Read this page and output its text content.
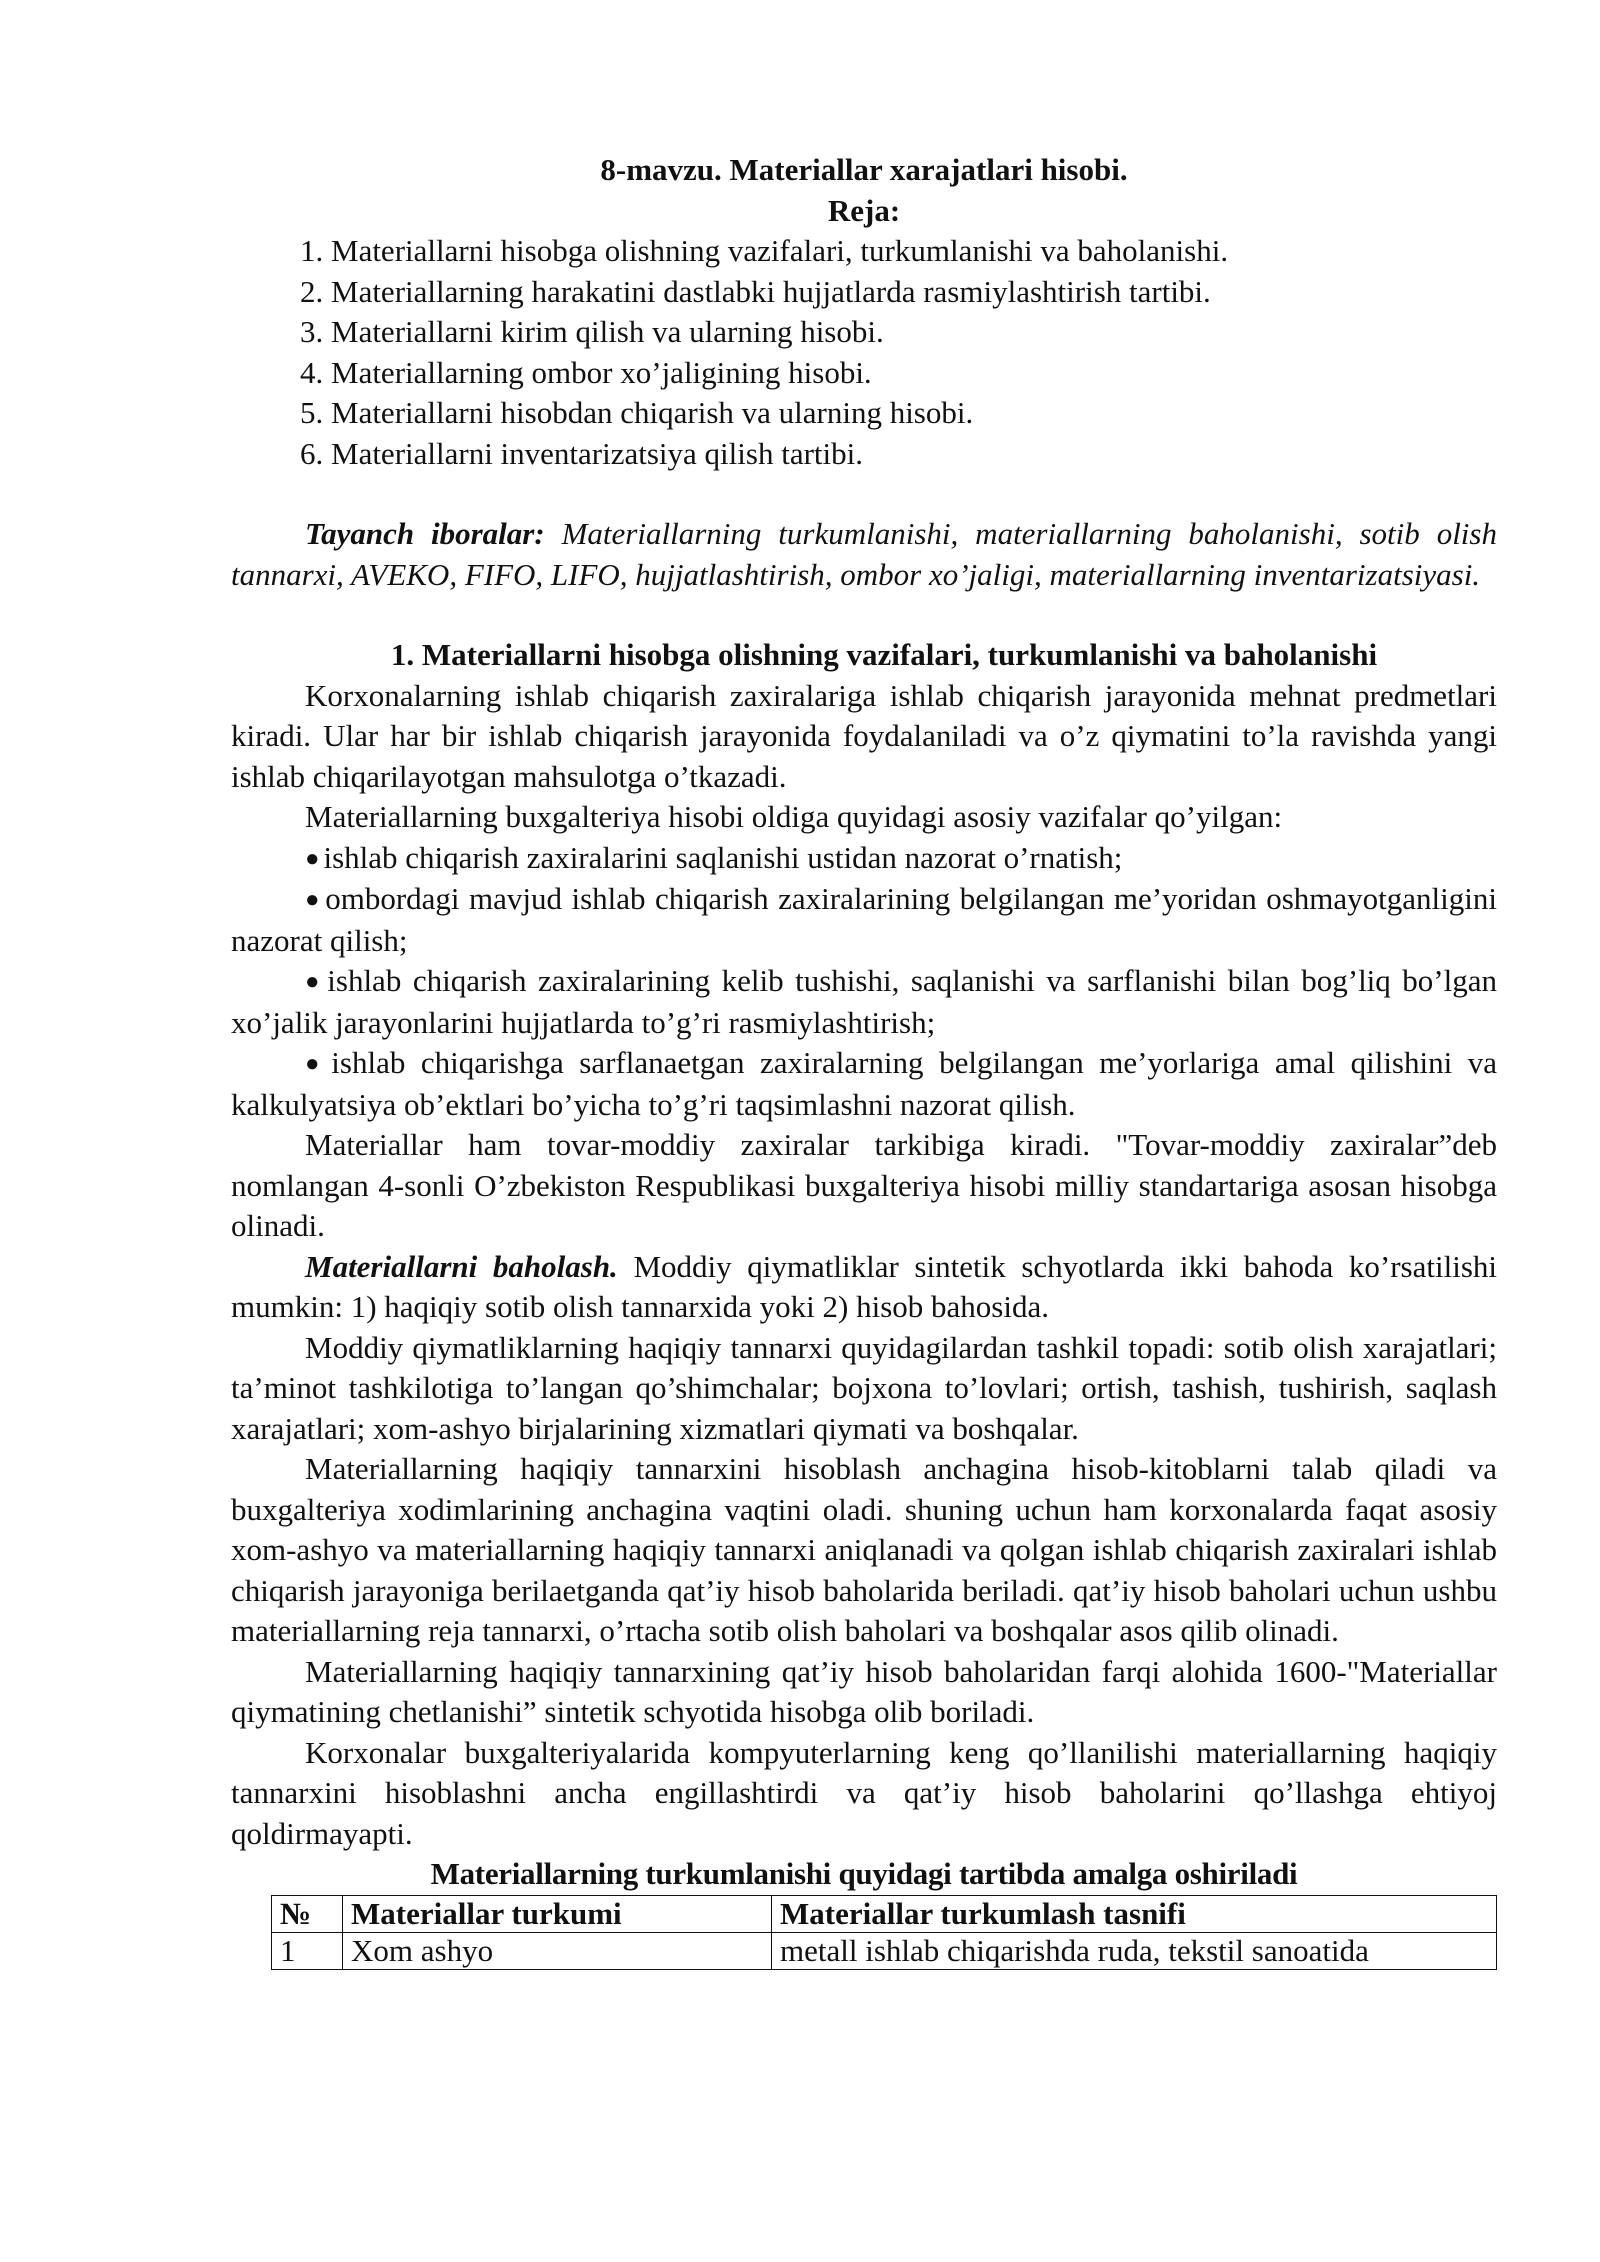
8-mavzu. Materiallar xarajatlari hisobi.

Reja:

1. Materiallarni hisobga olishning vazifalari, turkumlanishi va baholanishi.
2. Materiallarning harakatini dastlabki hujjatlarda rasmiylashtirish tartibi.
3. Materiallarni kirim qilish va ularning hisobi.
4. Materiallarning ombor xo’jaligining hisobi.
5. Materiallarni hisobdan chiqarish va ularning hisobi.
6. Materiallarni inventarizatsiya qilish tartibi.

Tayanch iboralar: Materiallarning turkumlanishi, materiallarning baholanishi, sotib olish tannarxi, AVEKO, FIFO, LIFO, hujjatlashtirish, ombor xo’jaligi, materiallarning inventarizatsiyasi.

1. Materiallarni hisobga olishning vazifalari, turkumlanishi va baholanishi

Korxonalarning ishlab chiqarish zaxiralariga ishlab chiqarish jarayonida mehnat predmetlari kiradi. Ular har bir ishlab chiqarish jarayonida foydalaniladi va o’z qiymatini to’la ravishda yangi ishlab chiqarilayotgan mahsulotga o’tkazadi.

Materiallarning buxgalteriya hisobi oldiga quyidagi asosiy vazifalar qo’yilgan:

● ishlab chiqarish zaxiralarini saqlanishi ustidan nazorat o’rnatish;

● ombordagi mavjud ishlab chiqarish zaxiralarining belgilangan me’yoridan oshmayotganligini nazorat qilish;

● ishlab chiqarish zaxiralarining kelib tushishi, saqlanishi va sarflanishi bilan bog’liq bo’lgan xo’jalik jarayonlarini hujjatlarda to’g’ri rasmiylashtirish;

● ishlab chiqarishga sarflanaetgan zaxiralarning belgilangan me’yorlariga amal qilishini va kalkulyatsiya ob’ektlari bo’yicha to’g’ri taqsimlashni nazorat qilish.

Materiallar ham tovar-moddiy zaxiralar tarkibiga kiradi. "Tovar-moddiy zaxiralar”deb nomlangan 4-sonli O’zbekiston Respublikasi buxgalteriya hisobi milliy standartariga asosan hisobga olinadi.

Materiallarni baholash. Moddiy qiymatliklar sintetik schyotlarda ikki bahoda ko’rsatilishi mumkin: 1) haqiqiy sotib olish tannarxida yoki 2) hisob bahosida.

Moddiy qiymatliklarning haqiqiy tannarxi quyidagilardan tashkil topadi: sotib olish xarajatlari; ta’minot tashkilotiga to’langan qo’shimchalar; bojxona to’lovlari; ortish, tashish, tushirish, saqlash xarajatlari; xom-ashyo birjalarining xizmatlari qiymati va boshqalar.

Materiallarning haqiqiy tannarxini hisoblash anchagina hisob-kitoblarni talab qiladi va buxgalteriya xodimlarining anchagina vaqtini oladi. shuning uchun ham korxonalarda faqat asosiy xom-ashyo va materiallarning haqiqiy tannarxi aniqlanadi va qolgan ishlab chiqarish zaxiralari ishlab chiqarish jarayoniga berilaetganda qat’iy hisob baholarida beriladi. qat’iy hisob baholari uchun ushbu materiallarning reja tannarxi, o’rtacha sotib olish baholari va boshqalar asos qilib olinadi.

Materiallarning haqiqiy tannarxining qat’iy hisob baholaridan farqi alohida 1600-"Materiallar qiymatining chetlanishi” sintetik schyotida hisobga olib boriladi.

Korxonalar buxgalteriyalarida kompyuterlarning keng qo’llanilishi materiallarning haqiqiy tannarxini hisoblashni ancha engillashtirdi va qat’iy hisob baholarini qo’llashga ehtiyoj qoldirmayapti.

Materiallarning turkumlanishi quyidagi tartibda amalga oshiriladi

№	Materiallar turkumi	Materiallar turkumlash tasnifi
1	Xom ashyo	metall ishlab chiqarishda ruda, tekstil sanoatida
